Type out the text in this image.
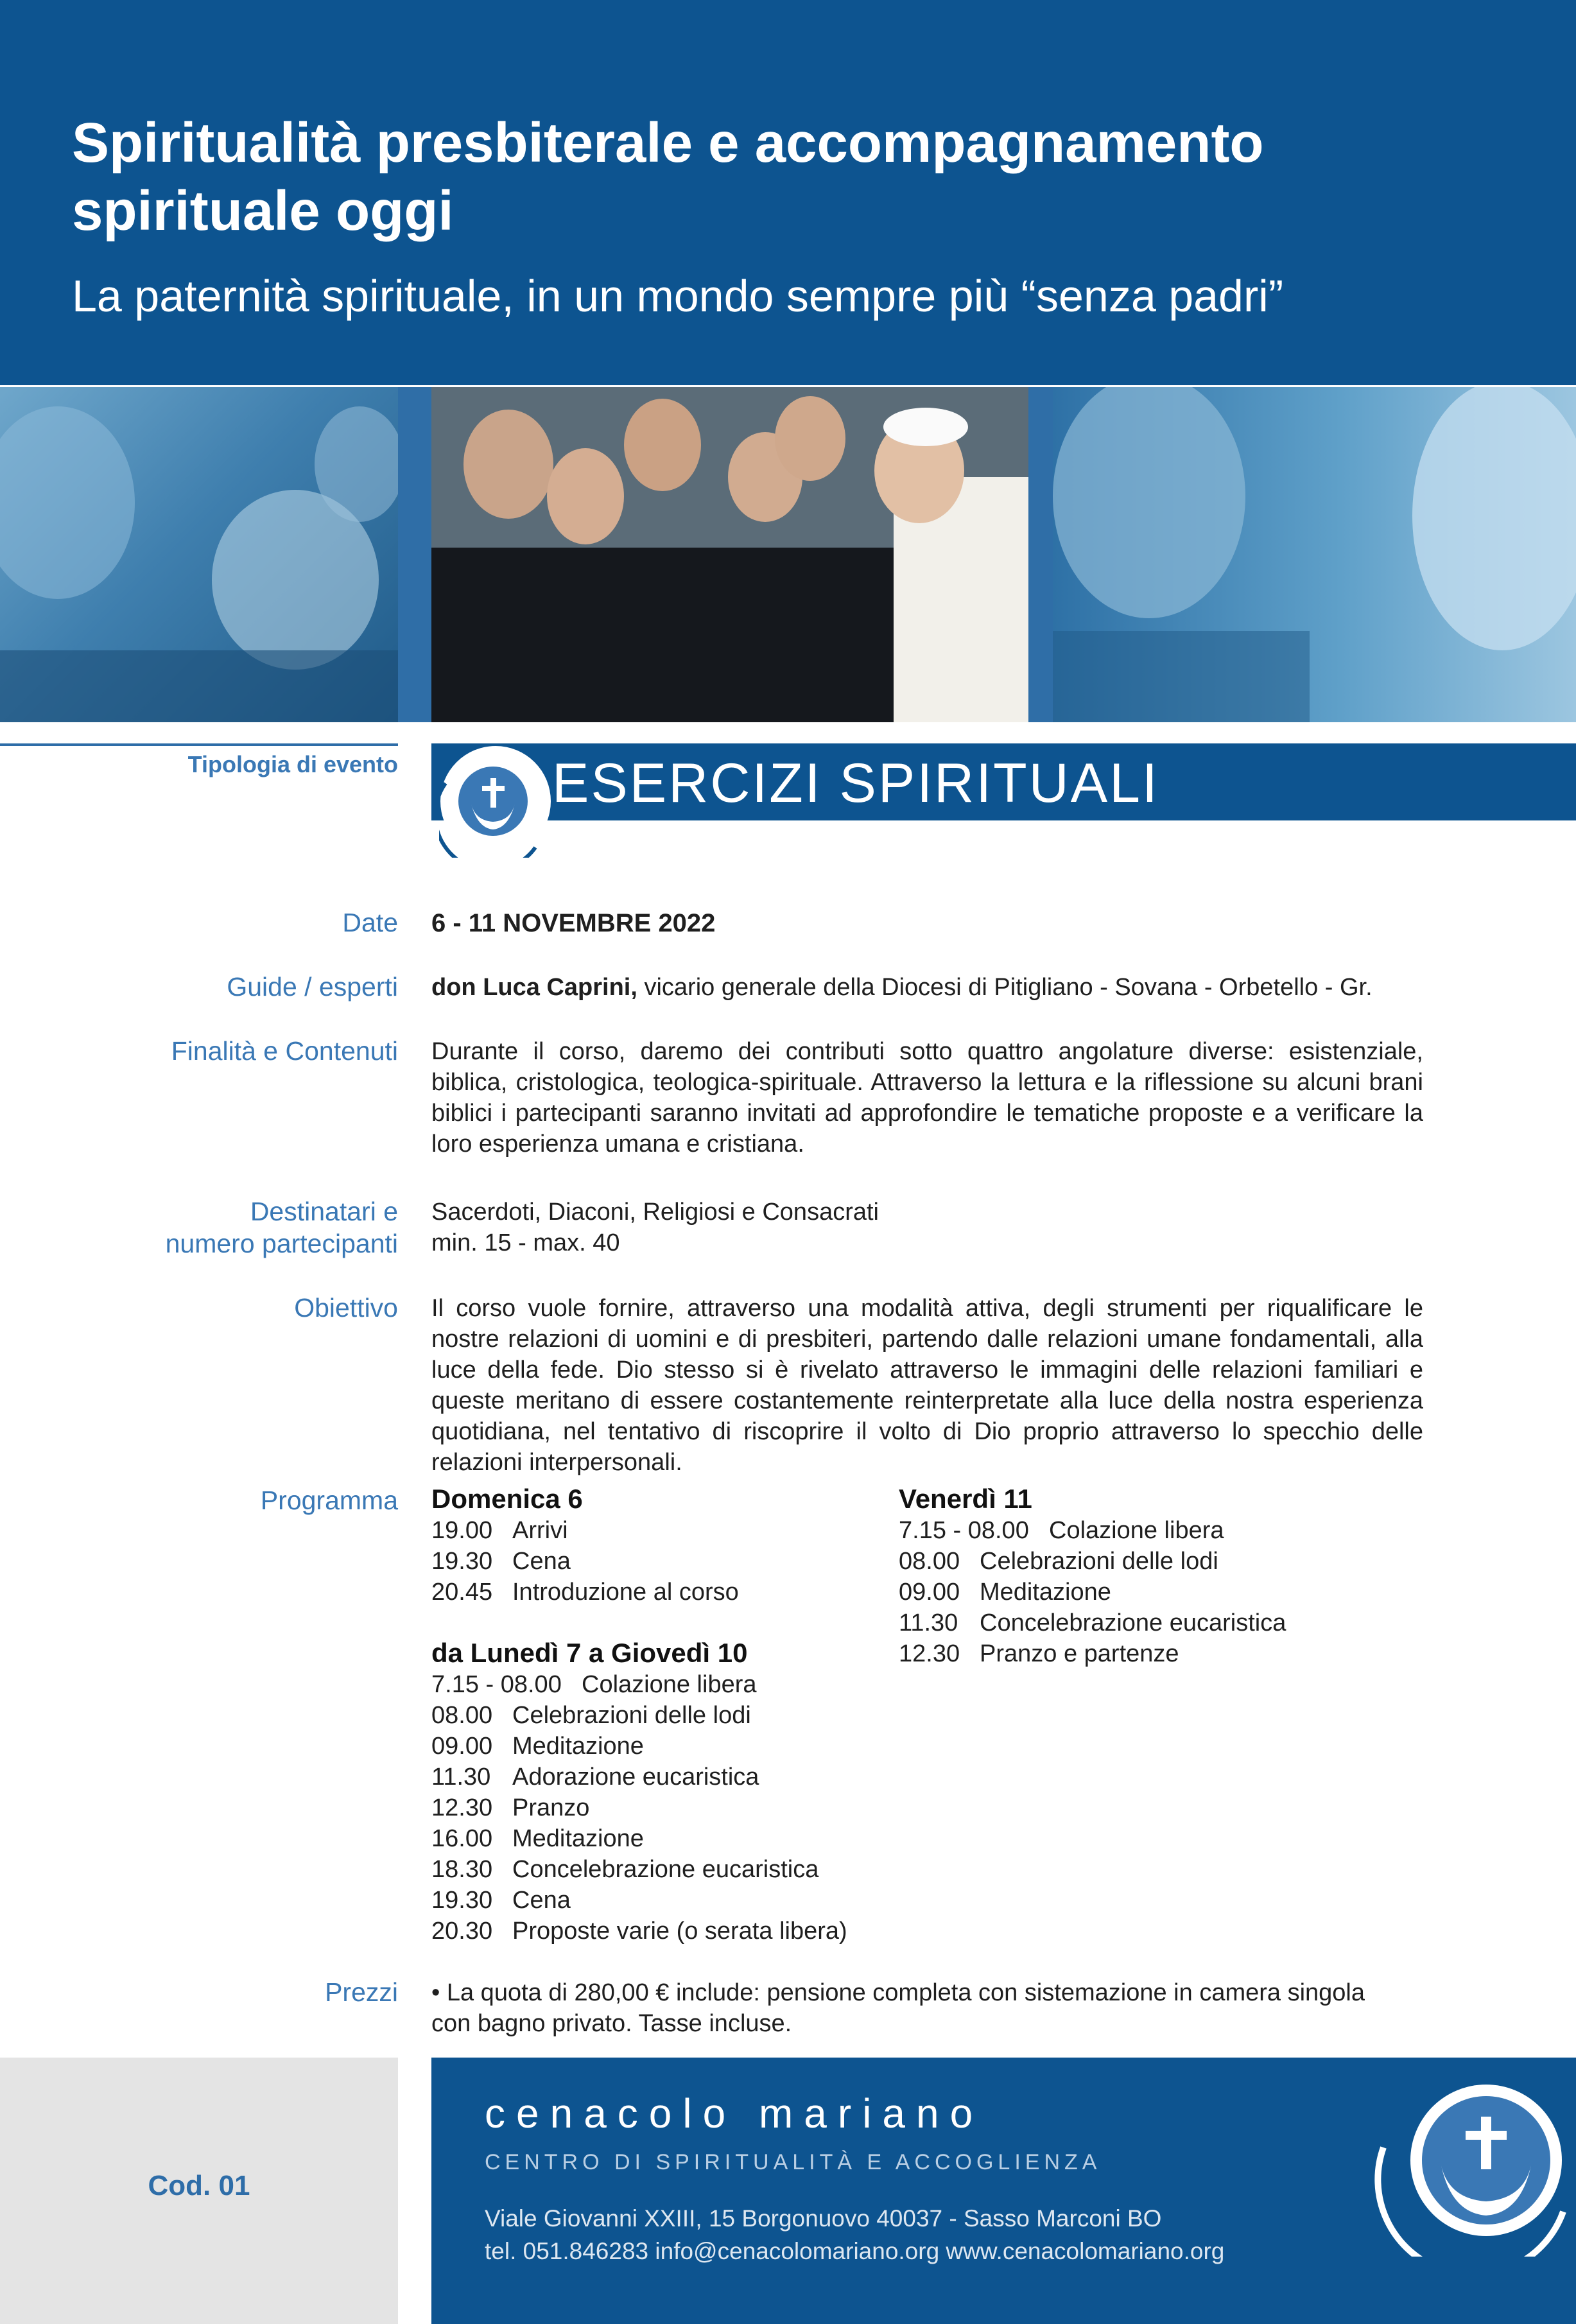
Spiritualità presbiterale e accompagnamento spirituale oggi
La paternità spirituale, in un mondo sempre più “senza padri”
Tipologia di evento	ESERCIZI SPIRITUALI
Date 6 - 11 NOVEMBRE 2022
Guide / esperti don Luca Caprini, vicario generale della Diocesi di Pitigliano - Sovana - Orbetello - Gr.
Finalità e Contenuti Durante il corso, daremo dei contributi sotto quattro angolature diverse: esistenziale, biblica, cristologica, teologica-spirituale. Attraverso la lettura e la riflessione su alcuni brani biblici i partecipanti saranno invitati ad approfondire le tematiche proposte e a verificare la loro esperienza umana e cristiana.
Destinatari e
numero partecipanti
Sacerdoti, Diaconi, Religiosi e Consacrati
min. 15 - max. 40
Obiettivo Il corso vuole fornire, attraverso una modalità attiva, degli strumenti per riqualificare le nostre relazioni di uomini e di presbiteri, partendo dalle relazioni umane fondamentali, alla luce della fede. Dio stesso si è rivelato attraverso le immagini delle relazioni familiari e queste meritano di essere costantemente reinterpretate alla luce della nostra esperienza quotidiana, nel tentativo di riscoprire il volto di Dio proprio attraverso lo specchio delle relazioni interpersonali.
Programma Domenica 6
19.00 Arrivi
19.30 Cena
20.45 Introduzione al corso
da Lunedì 7 a Giovedì 10
7.15 - 08.00 Colazione libera
08.00 Celebrazioni delle lodi
09.00 Meditazione
11.30 Adorazione eucaristica
12.30 Pranzo
16.00 Meditazione
18.30 Concelebrazione eucaristica
19.30 Cena
20.30 Proposte varie (o serata libera)
Venerdì 11
7.15 - 08.00 Colazione libera
08.00 Celebrazioni delle lodi
09.00 Meditazione
11.30 Concelebrazione eucaristica
12.30 Pranzo e partenze
Prezzi • La quota di 280,00 € include: pensione completa con sistemazione in camera singola con bagno privato. Tasse incluse.
Cod. 01
cenacolo mariano
CENTRO DI SPIRITUALITÀ E ACCOGLIENZA
Viale Giovanni XXIII, 15 Borgonuovo 40037 - Sasso Marconi BO
tel. 051.846283 info@cenacolomariano.org www.cenacolomariano.org
